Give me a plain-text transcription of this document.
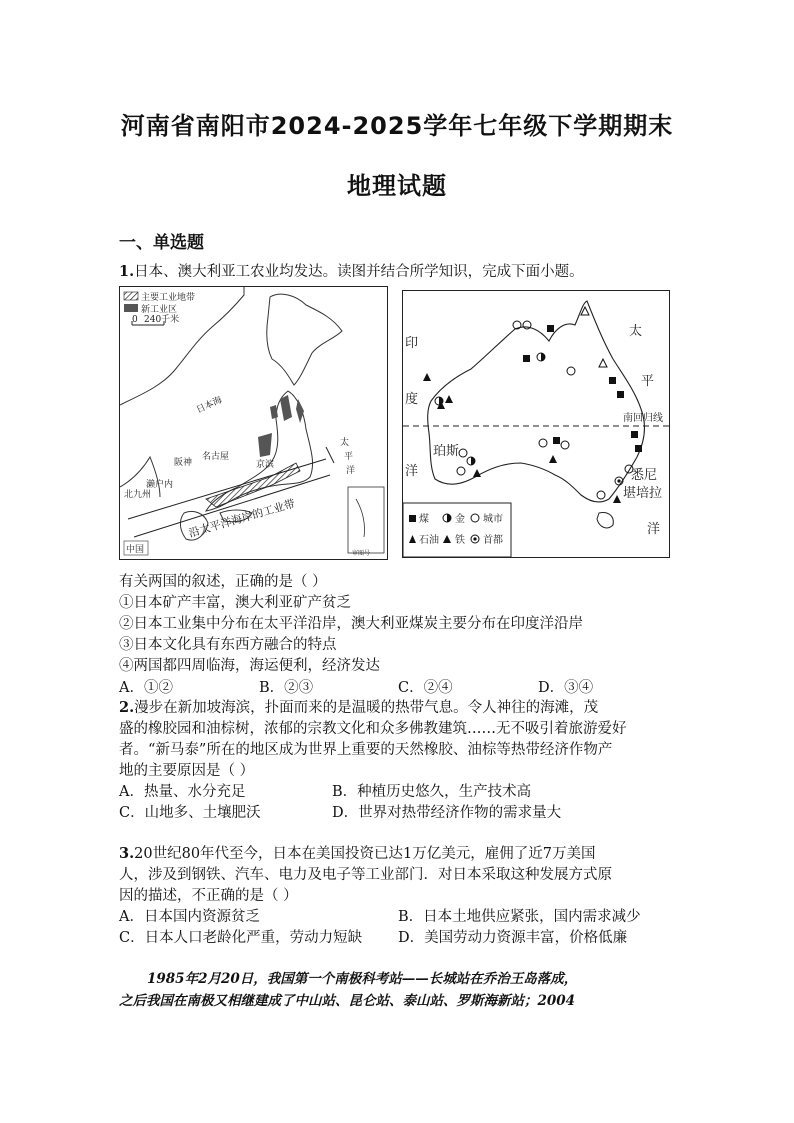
河南省南阳市2024-2025学年七年级下学期期末
地理试题
一、单选题
1.日本、澳大利亚工农业均发达。读图并结合所学知识，完成下面小题。
主要工业地带
新工业区
0 240千米
日本海
阪神
名古屋
京滨
濑户内
北九州
太
平
洋
沿太平洋海岸的工业带
中国	审图号
煤	金 城市
石油 铁 首都
印
度
洋
太
平
洋
南回归线
珀斯
悉尼
堪培拉
有关两国的叙述，正确的是（ ）
①日本矿产丰富，澳大利亚矿产贫乏
②日本工业集中分布在太平洋沿岸，澳大利亚煤炭主要分布在印度洋沿岸
③日本文化具有东西方融合的特点
④两国都四周临海，海运便利，经济发达
A．①②	B．②③	C．②④	D．③④
2.漫步在新加坡海滨，扑面而来的是温暖的热带气息。令人神往的海滩，茂
盛的橡胶园和油棕树，浓郁的宗教文化和众多佛教建筑……无不吸引着旅游爱好
者。“新马泰”所在的地区成为世界上重要的天然橡胶、油棕等热带经济作物产
地的主要原因是（ ）
A．热量、水分充足	B．种植历史悠久，生产技术高
C．山地多、土壤肥沃	D．世界对热带经济作物的需求量大
3.20世纪80年代至今，日本在美国投资已达1万亿美元，雇佣了近7万美国
人，涉及到钢铁、汽车、电力及电子等工业部门．对日本采取这种发展方式原
因的描述，不正确的是（ ）
A．日本国内资源贫乏	B．日本土地供应紧张，国内需求减少
C．日本人口老龄化严重，劳动力短缺 D．美国劳动力资源丰富，价格低廉
1985年2月20日，我国第一个南极科考站——长城站在乔治王岛落成，
之后我国在南极又相继建成了中山站、昆仑站、泰山站、罗斯海新站；2004
